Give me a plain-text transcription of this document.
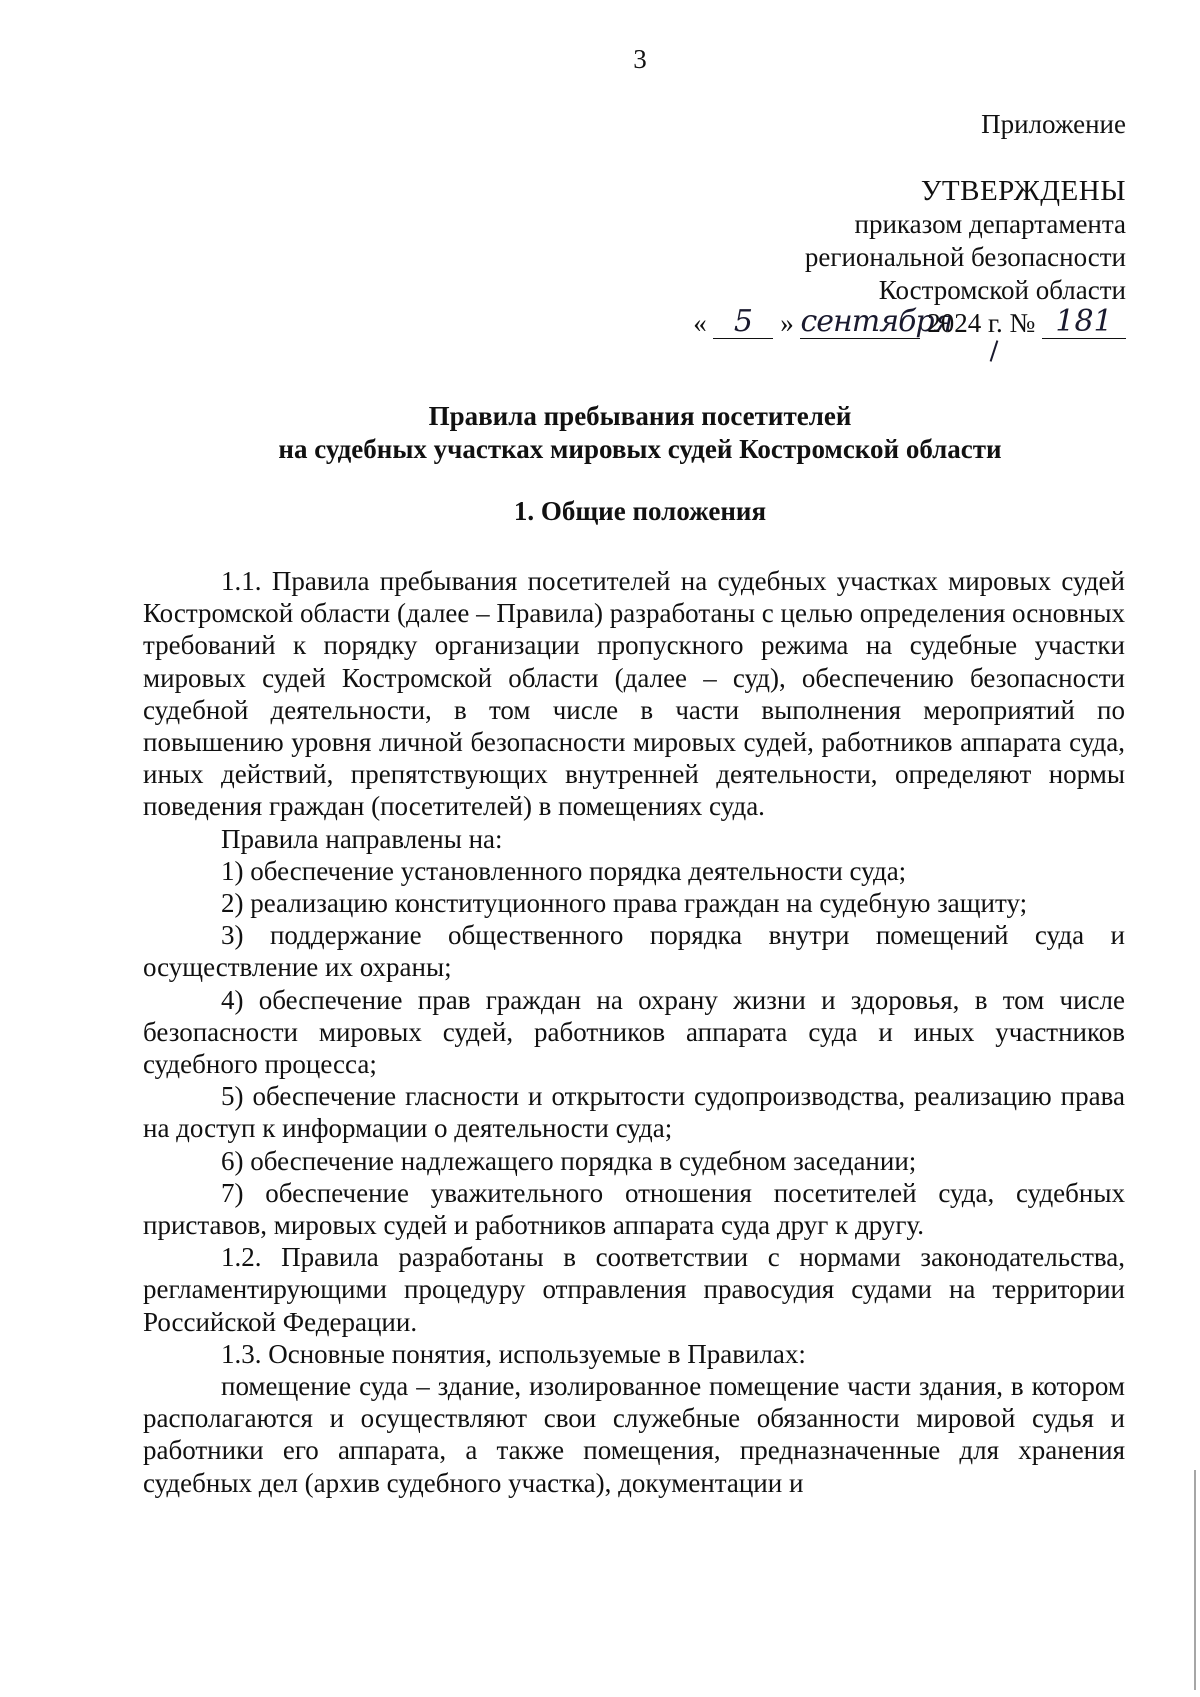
3
Приложение
УТВЕРЖДЕНЫ
приказом департамента
региональной безопасности
Костромской области
« 5 » сентября 2024 г. № 181
Правила пребывания посетителей
на судебных участках мировых судей Костромской области
1. Общие положения

1.1. Правила пребывания посетителей на судебных участках мировых судей Костромской области (далее – Правила) разработаны с целью определения основных требований к порядку организации пропускного режима на судебные участки мировых судей Костромской области (далее – суд), обеспечению безопасности судебной деятельности, в том числе в части выполнения мероприятий по повышению уровня личной безопасности мировых судей, работников аппарата суда, иных действий, препятствующих внутренней деятельности, определяют нормы поведения граждан (посетителей) в помещениях суда.

Правила направлены на:

1) обеспечение установленного порядка деятельности суда;

2) реализацию конституционного права граждан на судебную защиту;

3) поддержание общественного порядка внутри помещений суда и осуществление их охраны;

4) обеспечение прав граждан на охрану жизни и здоровья, в том числе безопасности мировых судей, работников аппарата суда и иных участников судебного процесса;

5) обеспечение гласности и открытости судопроизводства, реализацию права на доступ к информации о деятельности суда;

6) обеспечение надлежащего порядка в судебном заседании;

7) обеспечение уважительного отношения посетителей суда, судебных приставов, мировых судей и работников аппарата суда друг к другу.

1.2. Правила разработаны в соответствии с нормами законодательства, регламентирующими процедуру отправления правосудия судами на территории Российской Федерации.

1.3. Основные понятия, используемые в Правилах:

помещение суда – здание, изолированное помещение части здания, в котором располагаются и осуществляют свои служебные обязанности мировой судья и работники его аппарата, а также помещения, предназначенные для хранения судебных дел (архив судебного участка), документации и
